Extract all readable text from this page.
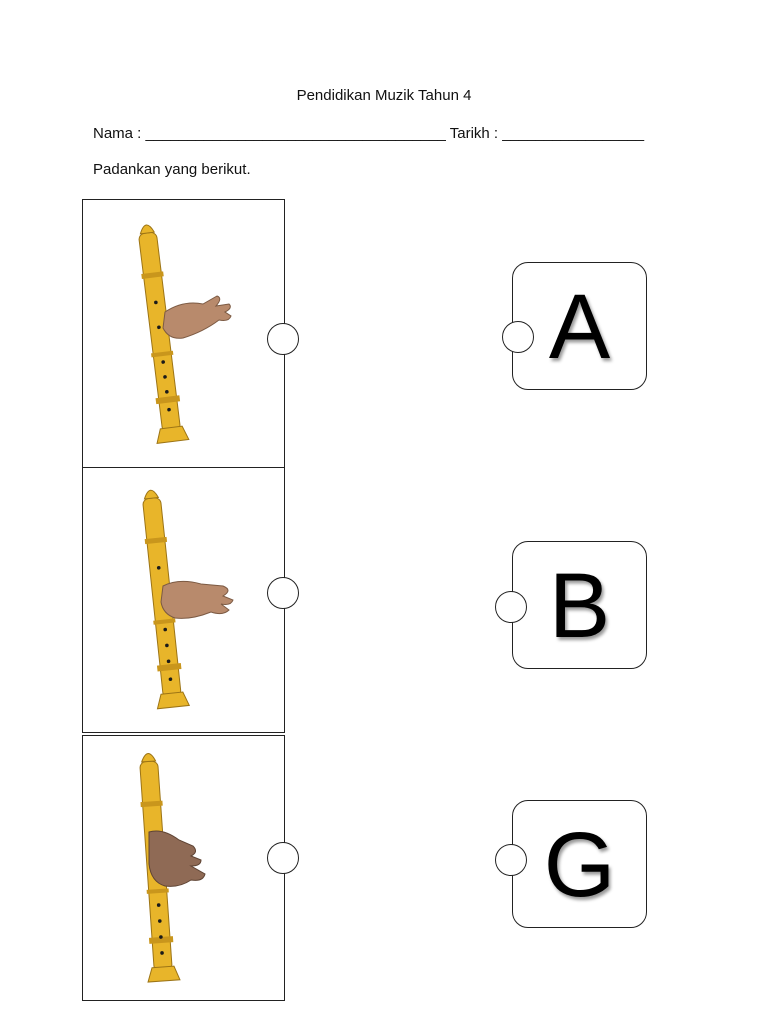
Pendidikan Muzik Tahun 4
Nama : ____________________________________ Tarikh : _________________
Padankan yang berikut.
A
B
G
